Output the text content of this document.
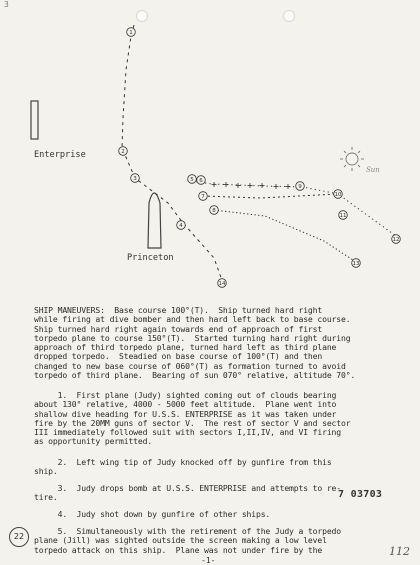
3
1
2
3
4
5 6
7
8
9
10
11
12
13
14
Enterprise
Princeton
Sun

SHIP MANEUVERS: Base course 100°(T).  Ship turned hard right

while firing at dive bomber and then hard left back to base course.

Ship turned hard right again towards end of approach of first

torpedo plane to course 150°(T).  Started turning hard right during

approach of third torpedo plane, turned hard left as third plane

dropped torpedo.  Steadied on base course of 100°(T) and then

changed to new base course of 060°(T) as formation turned to avoid

torpedo of third plane.  Bearing of sun 070° relative, altitude 70°.

1.  First plane (Judy) sighted coming out of clouds bearing

about 130° relative, 4000 - 5000 feet altitude.  Plane went into

shallow dive heading for U.S.S. ENTERPRISE as it was taken under

fire by the 20MM guns of sector V.  The rest of sector V and sector

III immediately followed suit with sectors I,II,IV, and VI firing

as opportunity permitted.

2.  Left wing tip of Judy knocked off by gunfire from this

ship.

3.  Judy drops bomb at U.S.S. ENTERPRISE and attempts to re-

tire.	7 03703

4.  Judy shot down by gunfire of other ships.

5.  Simultaneously with the retirement of the Judy a torpedo

plane (Jill) was sighted outside the screen making a low level

torpedo attack on this ship.  Plane was not under fire by the

22
-1-
112
